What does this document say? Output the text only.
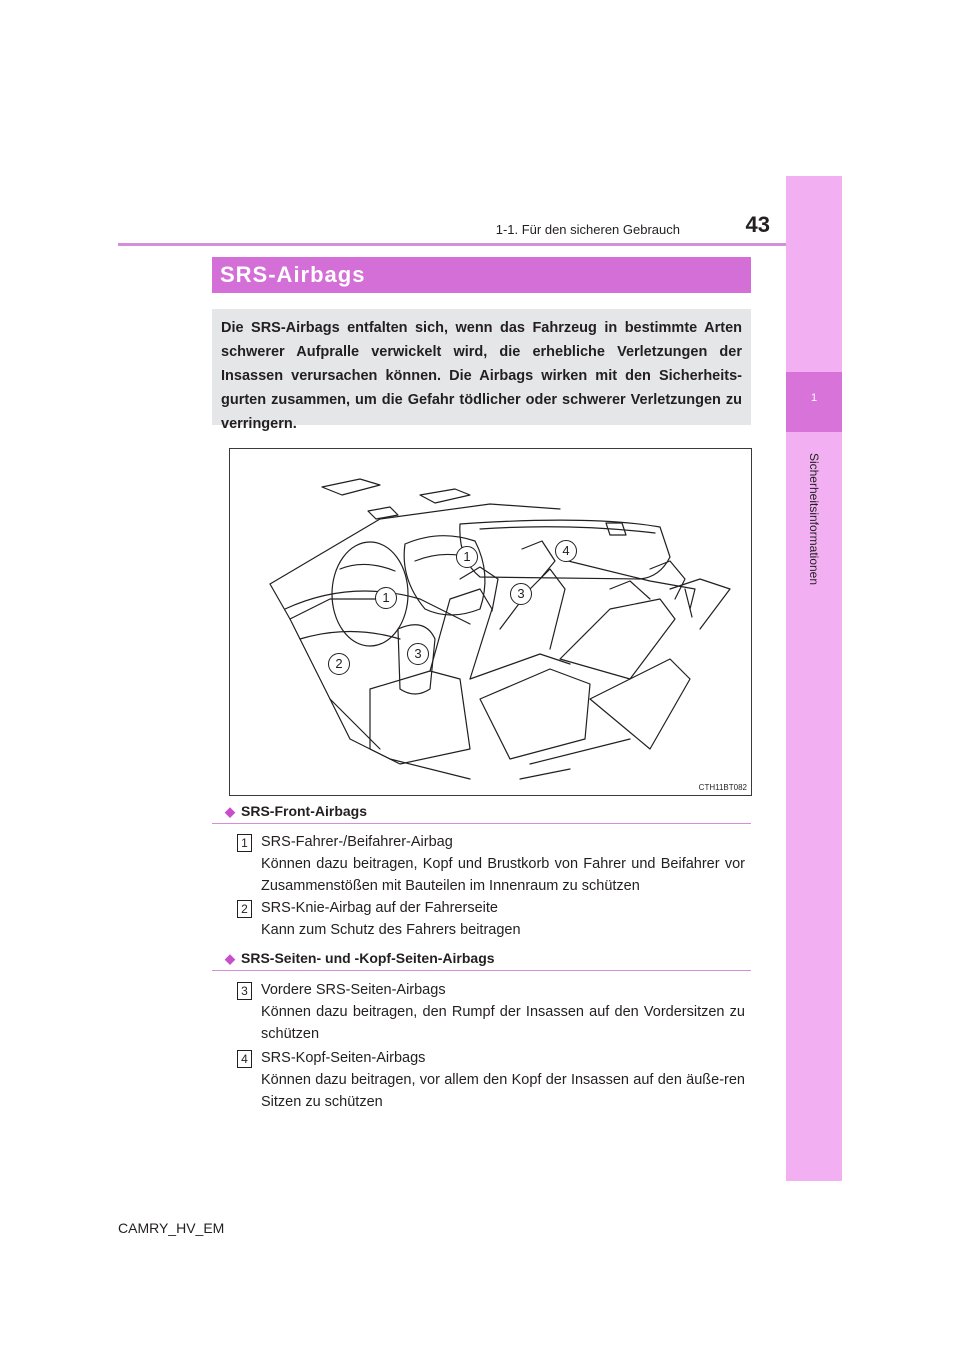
1-1. Für den sicheren Gebrauch	43
1
Sicherheitsinformationen
SRS-Airbags
Die SRS-Airbags entfalten sich, wenn das Fahrzeug in bestimmte Arten schwerer Aufpralle verwickelt wird, die erhebliche Verletzungen der Insassen verursachen können. Die Airbags wirken mit den Sicherheits-gurten zusammen, um die Gefahr tödlicher oder schwerer Verletzungen zu verringern.
1
1
2
3
3
4
CTH11BT082
◆ SRS-Front-Airbags
1 SRS-Fahrer-/Beifahrer-Airbag
Können dazu beitragen, Kopf und Brustkorb von Fahrer und Beifahrer vor Zusammenstößen mit Bauteilen im Innenraum zu schützen
2 SRS-Knie-Airbag auf der Fahrerseite
Kann zum Schutz des Fahrers beitragen
◆ SRS-Seiten- und -Kopf-Seiten-Airbags
3 Vordere SRS-Seiten-Airbags
Können dazu beitragen, den Rumpf der Insassen auf den Vordersitzen zu schützen
4 SRS-Kopf-Seiten-Airbags
Können dazu beitragen, vor allem den Kopf der Insassen auf den äuße-ren Sitzen zu schützen
CAMRY_HV_EM
